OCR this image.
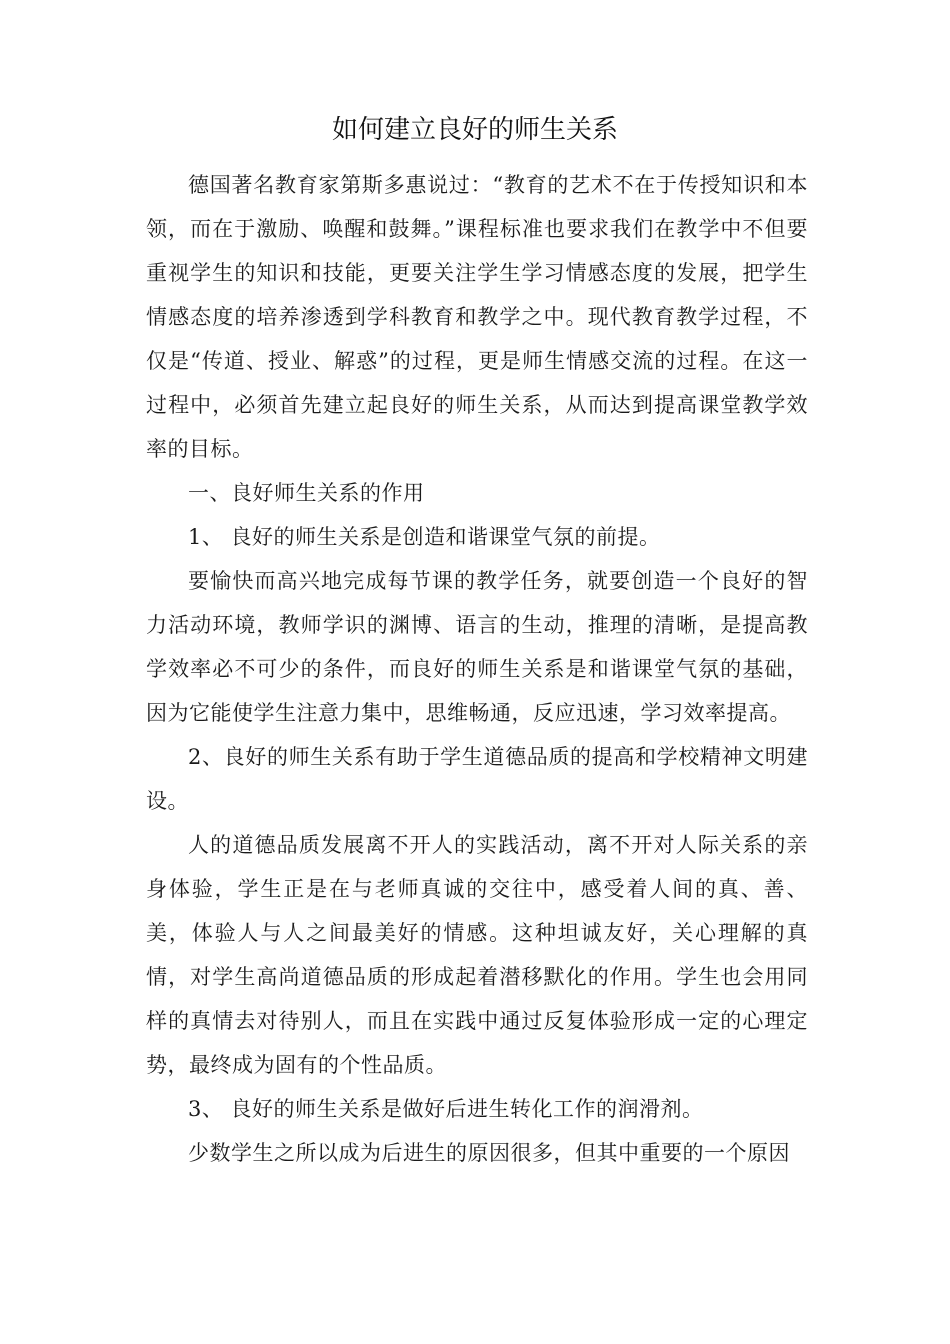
如何建立良好的师生关系

德国著名教育家第斯多惠说过：“教育的艺术不在于传授知识和本领，而在于激励、唤醒和鼓舞。”课程标准也要求我们在教学中不但要重视学生的知识和技能，更要关注学生学习情感态度的发展，把学生情感态度的培养渗透到学科教育和教学之中。现代教育教学过程，不仅是“传道、授业、解惑”的过程，更是师生情感交流的过程。在这一过程中，必须首先建立起良好的师生关系，从而达到提高课堂教学效率的目标。

一、良好师生关系的作用

1、 良好的师生关系是创造和谐课堂气氛的前提。

要愉快而高兴地完成每节课的教学任务，就要创造一个良好的智力活动环境，教师学识的渊博、语言的生动，推理的清晰，是提高教学效率必不可少的条件，而良好的师生关系是和谐课堂气氛的基础，因为它能使学生注意力集中，思维畅通，反应迅速，学习效率提高。

2、良好的师生关系有助于学生道德品质的提高和学校精神文明建设。

人的道德品质发展离不开人的实践活动，离不开对人际关系的亲身体验，学生正是在与老师真诚的交往中，感受着人间的真、善、美，体验人与人之间最美好的情感。这种坦诚友好，关心理解的真情，对学生高尚道德品质的形成起着潜移默化的作用。学生也会用同样的真情去对待别人，而且在实践中通过反复体验形成一定的心理定势，最终成为固有的个性品质。

3、 良好的师生关系是做好后进生转化工作的润滑剂。

少数学生之所以成为后进生的原因很多，但其中重要的一个原因
